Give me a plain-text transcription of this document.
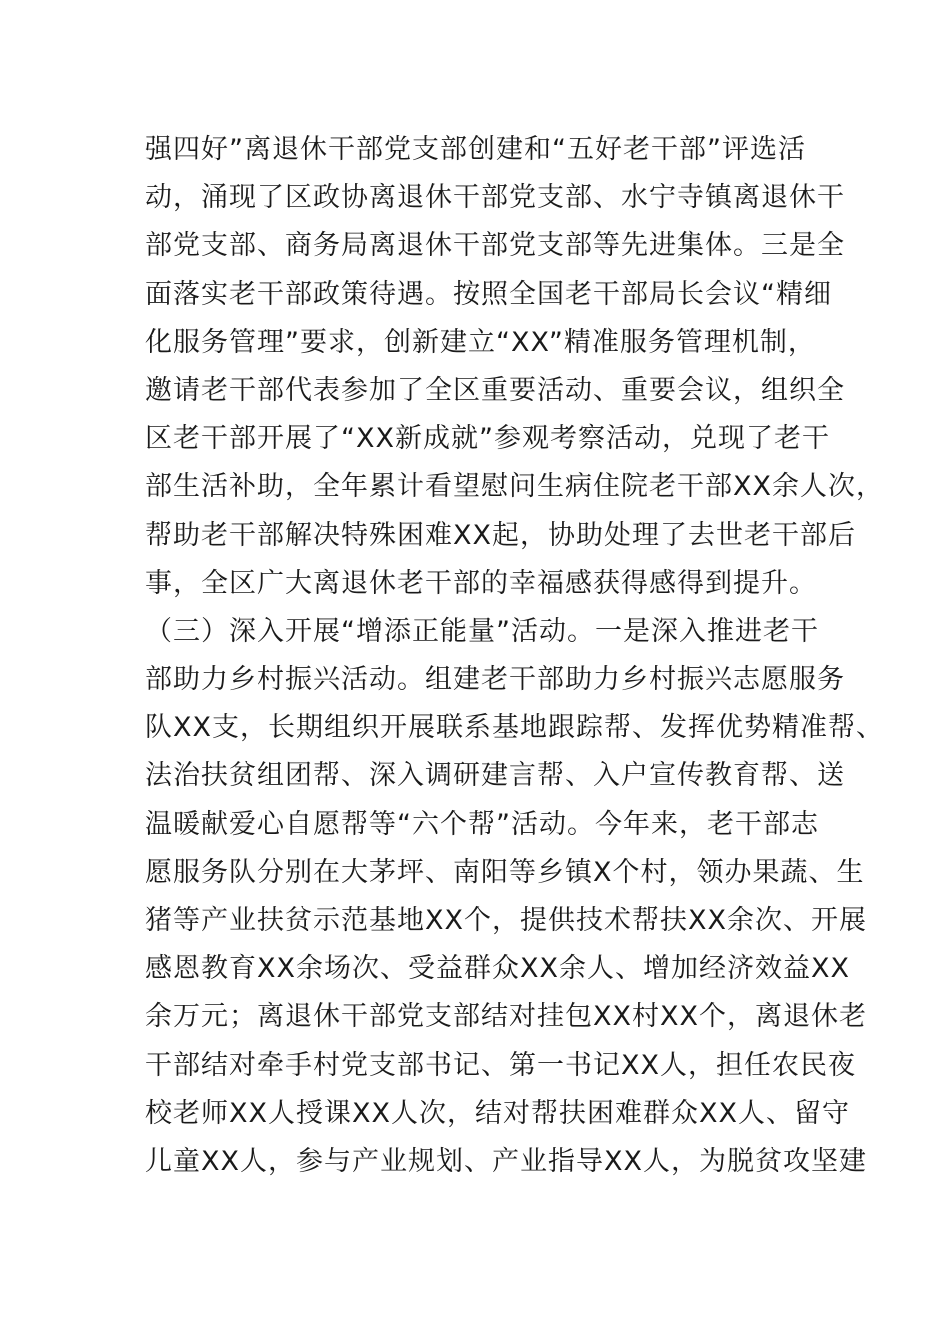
强四好”离退休干部党支部创建和“五好老干部”评选活
动，涌现了区政协离退休干部党支部、水宁寺镇离退休干
部党支部、商务局离退休干部党支部等先进集体。三是全
面落实老干部政策待遇。按照全国老干部局长会议“精细
化服务管理”要求，创新建立“XX”精准服务管理机制，
邀请老干部代表参加了全区重要活动、重要会议，组织全
区老干部开展了“XX新成就”参观考察活动，兑现了老干
部生活补助，全年累计看望慰问生病住院老干部XX余人次，
帮助老干部解决特殊困难XX起，协助处理了去世老干部后
事，全区广大离退休老干部的幸福感获得感得到提升。
（三）深入开展“增添正能量”活动。一是深入推进老干
部助力乡村振兴活动。组建老干部助力乡村振兴志愿服务
队XX支，长期组织开展联系基地跟踪帮、发挥优势精准帮、
法治扶贫组团帮、深入调研建言帮、入户宣传教育帮、送
温暖献爱心自愿帮等“六个帮”活动。今年来，老干部志
愿服务队分别在大茅坪、南阳等乡镇X个村，领办果蔬、生
猪等产业扶贫示范基地XX个，提供技术帮扶XX余次、开展
感恩教育XX余场次、受益群众XX余人、增加经济效益XX
余万元；离退休干部党支部结对挂包XX村XX个，离退休老
干部结对牵手村党支部书记、第一书记XX人，担任农民夜
校老师XX人授课XX人次，结对帮扶困难群众XX人、留守
儿童XX人，参与产业规划、产业指导XX人，为脱贫攻坚建
